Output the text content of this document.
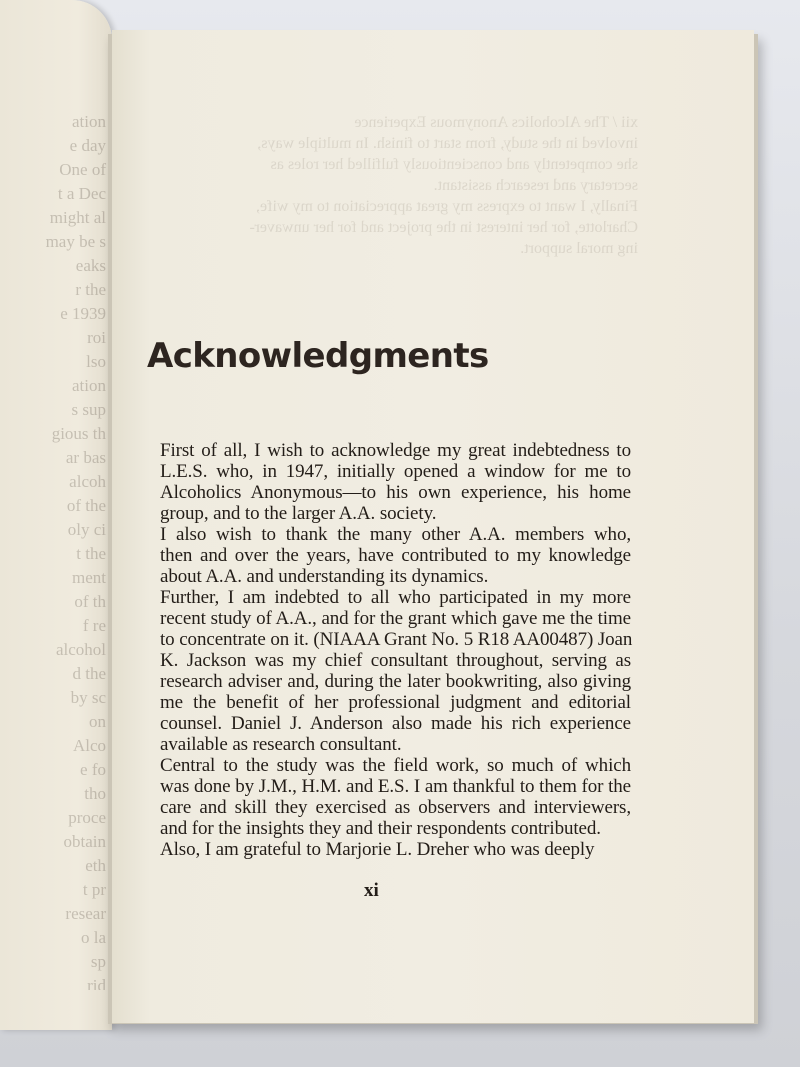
ation
e day
One of
t a Dec
might al
may be s
eaks
r the
e 1939
roi
lso
ation
s sup
gious th
ar bas
alcoh
of the
oly ci
t the
ment
of th
f re
alcohol
d the
by sc
on
Alco
e fo
tho
proce
obtain
eth
t pr
resear
o la
sp
rid

Acknowledgments

First of all, I wish to acknowledge my great indebtedness to
L.E.S. who, in 1947, initially opened a window for me to
Alcoholics Anonymous—to his own experience, his home
group, and to the larger A.A. society.

I also wish to thank the many other A.A. members who,
then and over the years, have contributed to my knowledge
about A.A. and understanding its dynamics.

Further, I am indebted to all who participated in my more
recent study of A.A., and for the grant which gave me the time
to concentrate on it. (NIAAA Grant No. 5 R18 AA00487) Joan
K. Jackson was my chief consultant throughout, serving as
research adviser and, during the later bookwriting, also giving
me the benefit of her professional judgment and editorial
counsel. Daniel J. Anderson also made his rich experience
available as research consultant.

Central to the study was the field work, so much of which
was done by J.M., H.M. and E.S. I am thankful to them for the
care and skill they exercised as observers and interviewers,
and for the insights they and their respondents contributed.

Also, I am grateful to Marjorie L. Dreher who was deeply

xi
